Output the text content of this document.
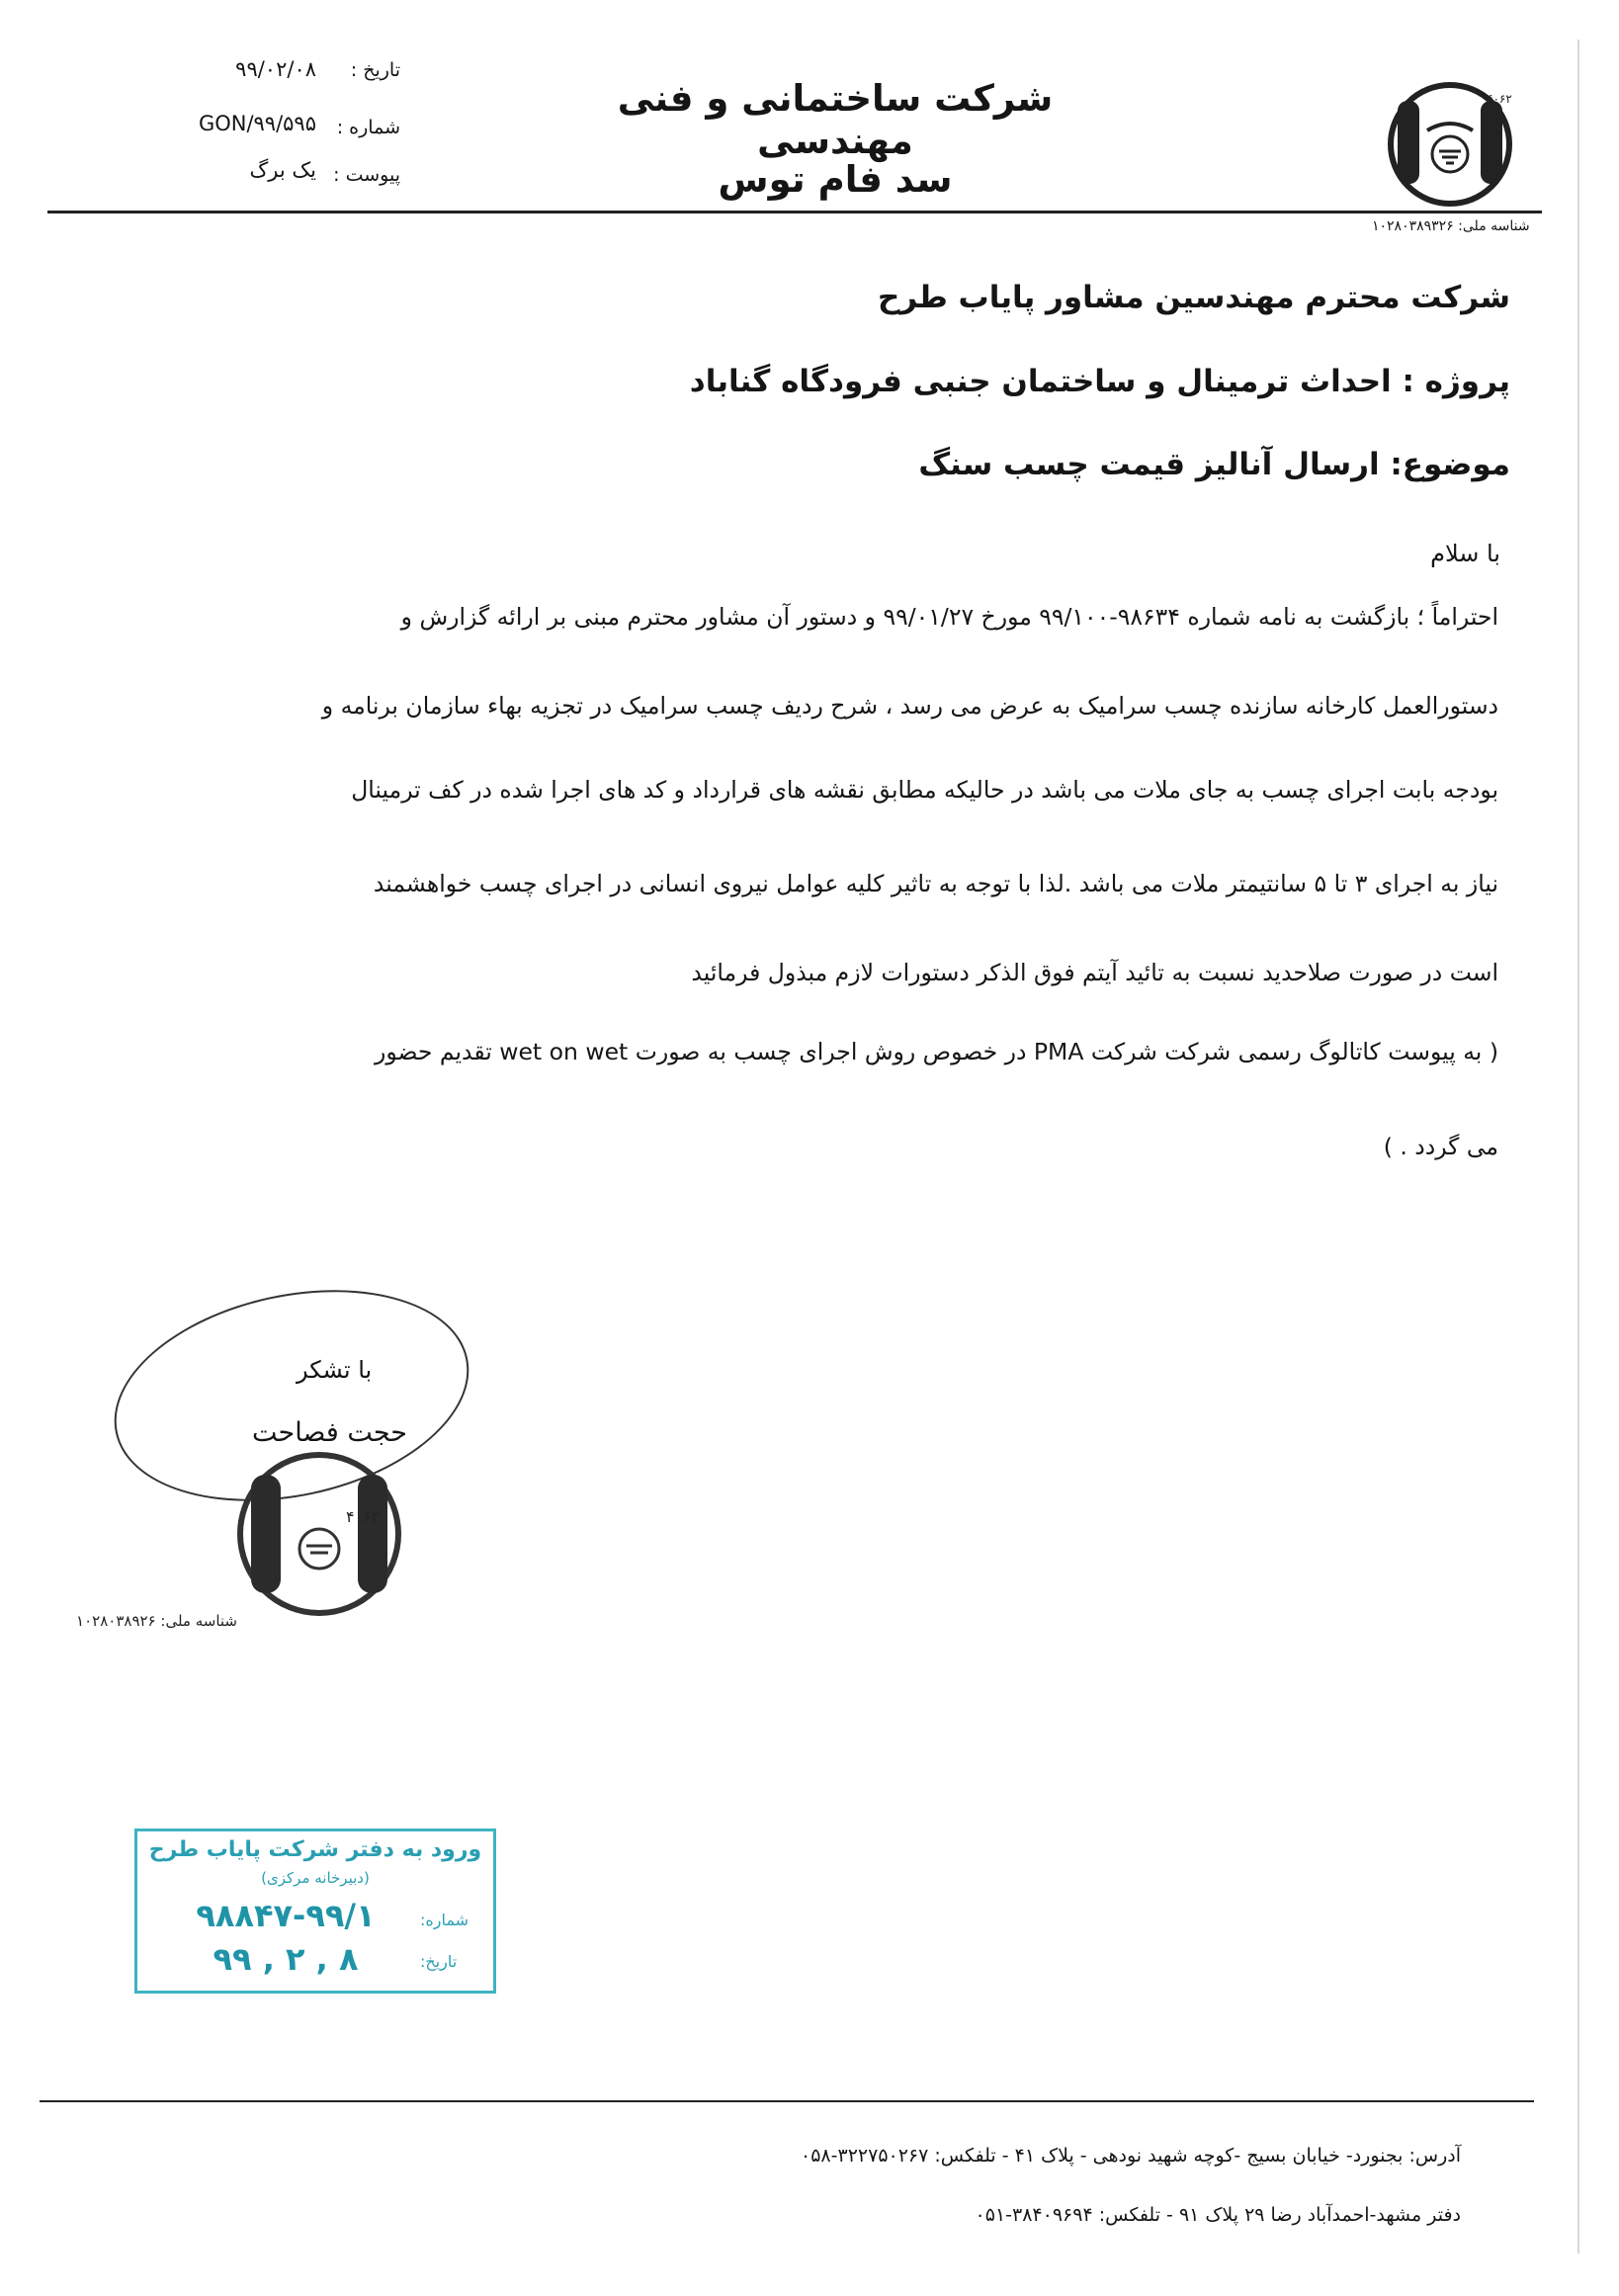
شرکت ساختمانی و فنی مهندسی
سد فام توس
تاریخ :
۹۹/۰۲/۰۸
شماره :
GON/۹۹/۵۹۵
پیوست :
یک برگ
۴۰۶۲
شناسه ملی: ۱۰۲۸۰۳۸۹۳۲۶
شرکت محترم مهندسین مشاور پایاب طرح
پروژه : احداث ترمینال و ساختمان جنبی فرودگاه گناباد
موضوع: ارسال آنالیز قیمت چسب سنگ
با سلام
احتراماً ؛ بازگشت به نامه شماره ۹۸۶۳۴-۹۹/۱۰۰ مورخ ۹۹/۰۱/۲۷ و دستور آن مشاور محترم مبنی بر ارائه گزارش و
دستورالعمل کارخانه سازنده چسب سرامیک به عرض می رسد ، شرح ردیف چسب سرامیک در تجزیه بهاء سازمان برنامه و
بودجه بابت اجرای چسب به جای ملات می باشد در حالیکه مطابق نقشه های قرارداد و کد های اجرا شده در کف ترمینال
نیاز به اجرای ۳ تا ۵ سانتیمتر ملات می باشد .لذا با توجه به تاثیر کلیه عوامل نیروی انسانی در اجرای چسب خواهشمند
است در صورت صلاحدید نسبت به تائید آیتم فوق الذکر دستورات لازم مبذول فرمائید
( به پیوست کاتالوگ رسمی شرکت شرکت PMA در خصوص روش اجرای چسب به صورت wet on wet تقدیم حضور
می گردد . )
با تشکر
حجت فصاحت
۴۰۶۲
شناسه ملی: ۱۰۲۸۰۳۸۹۲۶
ورود به دفتر شرکت پایاب طرح
(دبیرخانه مرکزی)
شماره:
۹۸۸۴۷-۹۹/۱
تاریخ:
۹۹ , ۲ , ۸
آدرس: بجنورد- خیابان بسیج -کوچه شهید نودهی - پلاک ۴۱ - تلفکس: ۳۲۲۷۵۰۲۶۷-۰۵۸
دفتر مشهد-احمدآباد رضا ۲۹ پلاک ۹۱ - تلفکس: ۳۸۴۰۹۶۹۴-۰۵۱
